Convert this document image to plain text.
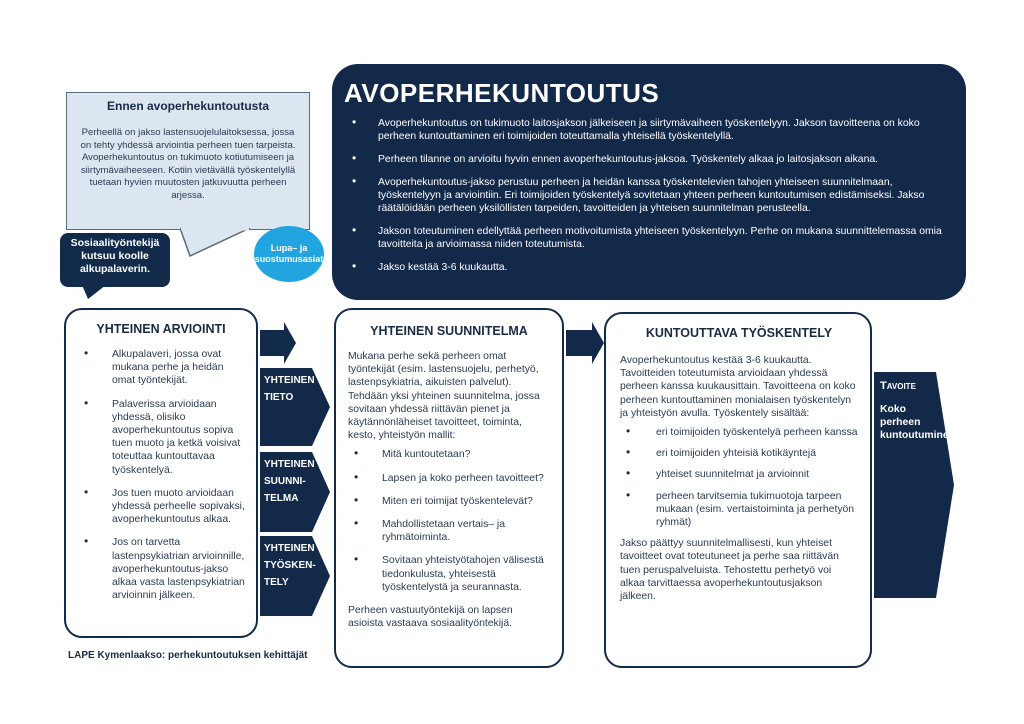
Ennen avoperhekuntoutusta

Perheellä on jakso lastensuojelulaitoksessa, jossa on tehty yhdessä arviointia perheen tuen tarpeista. Avoperhekuntoutus on tukimuoto kotiutumiseen ja siirtymävaiheeseen. Kotiin vietävällä työskentelyllä tuetaan hyvien muutosten jatkuvuutta perheen arjessa.

Sosiaalityöntekijä kutsuu koolle alkupalaverin.
Lupa– ja suostumusasiat
AVOPERHEKUNTOUTUS
• Avoperhekuntoutus on tukimuoto laitosjakson jälkeiseen ja siirtymävaiheen työskentelyyn. Jakson tavoitteena on koko perheen kuntouttaminen eri toimijoiden toteuttamalla yhteisellä työskentelyllä.
• Perheen tilanne on arvioitu hyvin ennen avoperhekuntoutus-jaksoa. Työskentely alkaa jo laitosjakson aikana.
• Avoperhekuntoutus-jakso perustuu perheen ja heidän kanssa työskentelevien tahojen yhteiseen suunnitelmaan, työskentelyyn ja arviointiin. Eri toimijoiden työskentelyä sovitetaan yhteen perheen kuntoutumisen edistämiseksi. Jakso räätälöidään perheen yksilöllisten tarpeiden, tavoitteiden ja yhteisen suunnitelman perusteella.
• Jakson toteutuminen edellyttää perheen motivoitumista yhteiseen työskentelyyn. Perhe on mukana suunnittelemassa omia tavoitteita ja arvioimassa niiden toteutumista.
• Jakso kestää 3-6 kuukautta.
YHTEINEN ARVIOINTI
• Alkupalaveri, jossa ovat mukana perhe ja heidän omat työntekijät.
• Palaverissa arvioidaan yhdessä, olisiko avoperhekuntoutus sopiva tuen muoto ja ketkä voisivat toteuttaa kuntouttavaa työskentelyä.
• Jos tuen muoto arvioidaan yhdessä perheelle sopivaksi, avoperhekuntoutus alkaa.
• Jos on tarvetta lastenpsykiatrian arvioinnille, avoperhekuntoutus-jakso alkaa vasta lastenpsykiatrian arvioinnin jälkeen.
YHTEINEN
TIETO
YHTEINEN
SUUNNI-
TELMA
YHTEINEN
TYÖSKEN-
TELY
YHTEINEN SUUNNITELMA

Mukana perhe sekä perheen omat työntekijät (esim. lastensuojelu, perhetyö, lastenpsykiatria, aikuisten palvelut). Tehdään yksi yhteinen suunnitelma, jossa sovitaan yhdessä riittävän pienet ja käytännönläheiset tavoitteet, toiminta, kesto, yhteistyön mallit:

• Mitä kuntoutetaan?
• Lapsen ja koko perheen tavoitteet?
• Miten eri toimijat työskentelevät?
• Mahdollistetaan vertais– ja ryhmätoiminta.
• Sovitaan yhteistyötahojen välisestä tiedonkulusta, yhteisestä työskentelystä ja seurannasta.

Perheen vastuutyöntekijä on lapsen asioista vastaava sosiaalityöntekijä.

KUNTOUTTAVA TYÖSKENTELY

Avoperhekuntoutus kestää 3-6 kuukautta. Tavoitteiden toteutumista arvioidaan yhdessä perheen kanssa kuukausittain. Tavoitteena on koko perheen kuntouttaminen monialaisen työskentelyn ja yhteistyön avulla. Työskentely sisältää:

• eri toimijoiden työskentelyä perheen kanssa
• eri toimijoiden yhteisiä kotikäyntejä
• yhteiset suunnitelmat ja arvioinnit
• perheen tarvitsemia tukimuotoja tarpeen mukaan (esim. vertaistoiminta ja perhetyön ryhmät)

Jakso päättyy suunnitelmallisesti, kun yhteiset tavoitteet ovat toteutuneet ja perhe saa riittävän tuen peruspalveluista. Tehostettu perhetyö voi alkaa tarvittaessa avoperhekuntoutusjakson jälkeen.

Tavoite
Koko perheen kuntoutuminen
LAPE Kymenlaakso: perhekuntoutuksen kehittäjät
